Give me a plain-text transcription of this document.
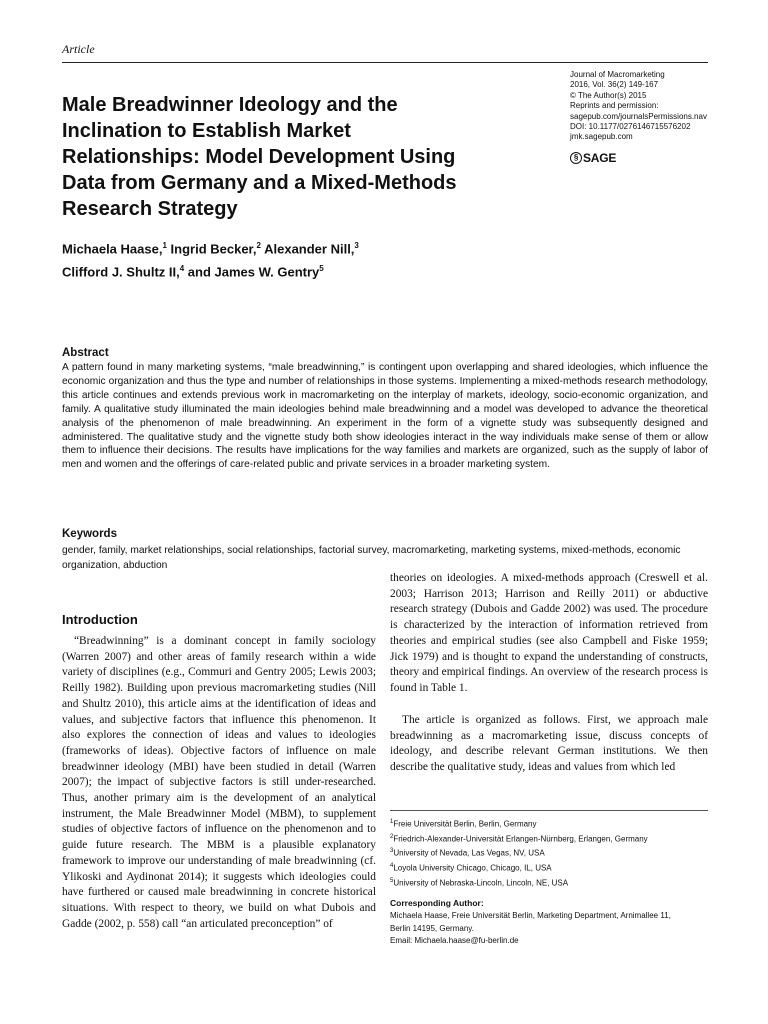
Article
Male Breadwinner Ideology and the Inclination to Establish Market Relationships: Model Development Using Data from Germany and a Mixed-Methods Research Strategy
Journal of Macromarketing
2016, Vol. 36(2) 149-167
© The Author(s) 2015
Reprints and permission:
sagepub.com/journalsPermissions.nav
DOI: 10.1177/0276146715576202
jmk.sagepub.com
§ SAGE
Michaela Haase,$^1$ Ingrid Becker,$^2$ Alexander Nill,$^3$
Clifford J. Shultz II,$^4$ and James W. Gentry$^5$
Abstract

A pattern found in many marketing systems, “male breadwinning,” is contingent upon overlapping and shared ideologies, which influence the economic organization and thus the type and number of relationships in those systems. Implementing a mixed-methods research methodology, this article continues and extends previous work in macromarketing on the interplay of markets, ideology, socio-economic organization, and family. A qualitative study illuminated the main ideologies behind male breadwinning and a model was developed to advance the theoretical analysis of the phenomenon of male breadwinning. An experiment in the form of a vignette study was subsequently designed and administered. The qualitative study and the vignette study both show ideologies interact in the way individuals make sense of them or allow them to influence their decisions. The results have implications for the way families and markets are organized, such as the supply of labor of men and women and the offerings of care-related public and private services in a broader marketing system.

Keywords

gender, family, market relationships, social relationships, factorial survey, macromarketing, marketing systems, mixed-methods, economic organization, abduction

Introduction

“Breadwinning” is a dominant concept in family sociology (Warren 2007) and other areas of family research within a wide variety of disciplines (e.g., Commuri and Gentry 2005; Lewis 2003; Reilly 1982). Building upon previous macromarketing studies (Nill and Shultz 2010), this article aims at the identification of ideas and values, and subjective factors that influence this phenomenon. It also explores the connection of ideas and values to ideologies (frameworks of ideas). Objective factors of influence on male breadwinner ideology (MBI) have been studied in detail (Warren 2007); the impact of subjective factors is still under-researched. Thus, another primary aim is the development of an analytical instrument, the Male Breadwinner Model (MBM), to supplement studies of objective factors of influence on the phenomenon and to guide future research. The MBM is a plausible explanatory framework to improve our understanding of male breadwinning (cf. Ylikoski and Aydinonat 2014); it suggests which ideologies could have furthered or caused male breadwinning in concrete historical situations. With respect to theory, we build on what Dubois and Gadde (2002, p. 558) call “an articulated preconception” of

theories on ideologies. A mixed-methods approach (Creswell et al. 2003; Harrison 2013; Harrison and Reilly 2011) or abductive research strategy (Dubois and Gadde 2002) was used. The procedure is characterized by the interaction of information retrieved from theories and empirical studies (see also Campbell and Fiske 1959; Jick 1979) and is thought to expand the understanding of constructs, theory and empirical findings. An overview of the research process is found in Table 1.

The article is organized as follows. First, we approach male breadwinning as a macromarketing issue, discuss concepts of ideology, and describe relevant German institutions. We then describe the qualitative study, ideas and values from which led

$^1$Freie Universität Berlin, Berlin, Germany
$^2$Friedrich-Alexander-Universität Erlangen-Nürnberg, Erlangen, Germany
$^3$University of Nevada, Las Vegas, NV, USA
$^4$Loyola University Chicago, Chicago, IL, USA
$^5$University of Nebraska-Lincoln, Lincoln, NE, USA
Corresponding Author:
Michaela Haase, Freie Universität Berlin, Marketing Department, Arnimallee 11,
Berlin 14195, Germany.
Email: Michaela.haase@fu-berlin.de
